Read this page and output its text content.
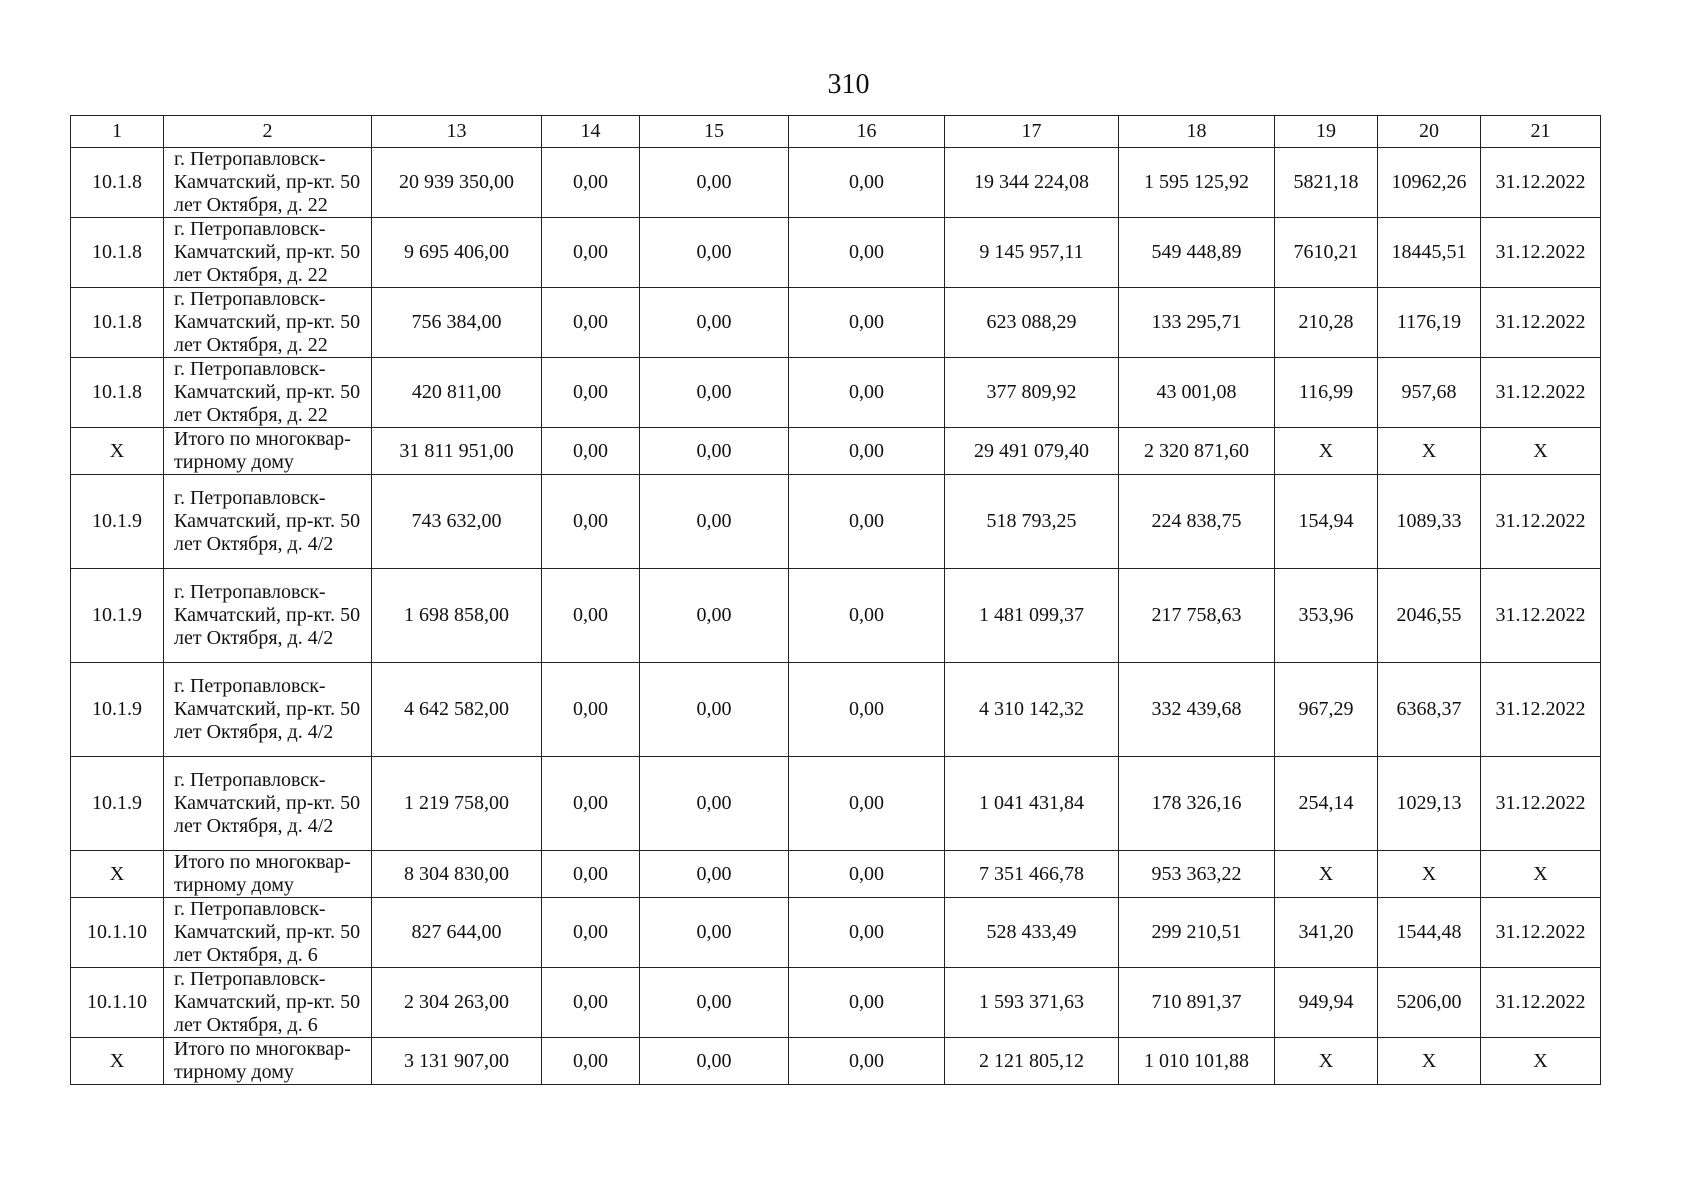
310
1	2	13	14	15	16	17	18	19	20	21
10.1.8	г. Петропавловск-Камчатский, пр-кт. 50 лет Октября, д. 22	20 939 350,00	0,00	0,00	0,00	19 344 224,08	1 595 125,92	5821,18	10962,26	31.12.2022
10.1.8	г. Петропавловск-Камчатский, пр-кт. 50 лет Октября, д. 22	9 695 406,00	0,00	0,00	0,00	9 145 957,11	549 448,89	7610,21	18445,51	31.12.2022
10.1.8	г. Петропавловск-Камчатский, пр-кт. 50 лет Октября, д. 22	756 384,00	0,00	0,00	0,00	623 088,29	133 295,71	210,28	1176,19	31.12.2022
10.1.8	г. Петропавловск-Камчатский, пр-кт. 50 лет Октября, д. 22	420 811,00	0,00	0,00	0,00	377 809,92	43 001,08	116,99	957,68	31.12.2022
X	Итого по многоквар-тирному дому	31 811 951,00	0,00	0,00	0,00	29 491 079,40	2 320 871,60	X	X	X
10.1.9	г. Петропавловск-Камчатский, пр-кт. 50 лет Октября, д. 4/2	743 632,00	0,00	0,00	0,00	518 793,25	224 838,75	154,94	1089,33	31.12.2022
10.1.9	г. Петропавловск-Камчатский, пр-кт. 50 лет Октября, д. 4/2	1 698 858,00	0,00	0,00	0,00	1 481 099,37	217 758,63	353,96	2046,55	31.12.2022
10.1.9	г. Петропавловск-Камчатский, пр-кт. 50 лет Октября, д. 4/2	4 642 582,00	0,00	0,00	0,00	4 310 142,32	332 439,68	967,29	6368,37	31.12.2022
10.1.9	г. Петропавловск-Камчатский, пр-кт. 50 лет Октября, д. 4/2	1 219 758,00	0,00	0,00	0,00	1 041 431,84	178 326,16	254,14	1029,13	31.12.2022
X	Итого по многоквар-тирному дому	8 304 830,00	0,00	0,00	0,00	7 351 466,78	953 363,22	X	X	X
10.1.10	г. Петропавловск-Камчатский, пр-кт. 50 лет Октября, д. 6	827 644,00	0,00	0,00	0,00	528 433,49	299 210,51	341,20	1544,48	31.12.2022
10.1.10	г. Петропавловск-Камчатский, пр-кт. 50 лет Октября, д. 6	2 304 263,00	0,00	0,00	0,00	1 593 371,63	710 891,37	949,94	5206,00	31.12.2022
X	Итого по многоквар-тирному дому	3 131 907,00	0,00	0,00	0,00	2 121 805,12	1 010 101,88	X	X	X
